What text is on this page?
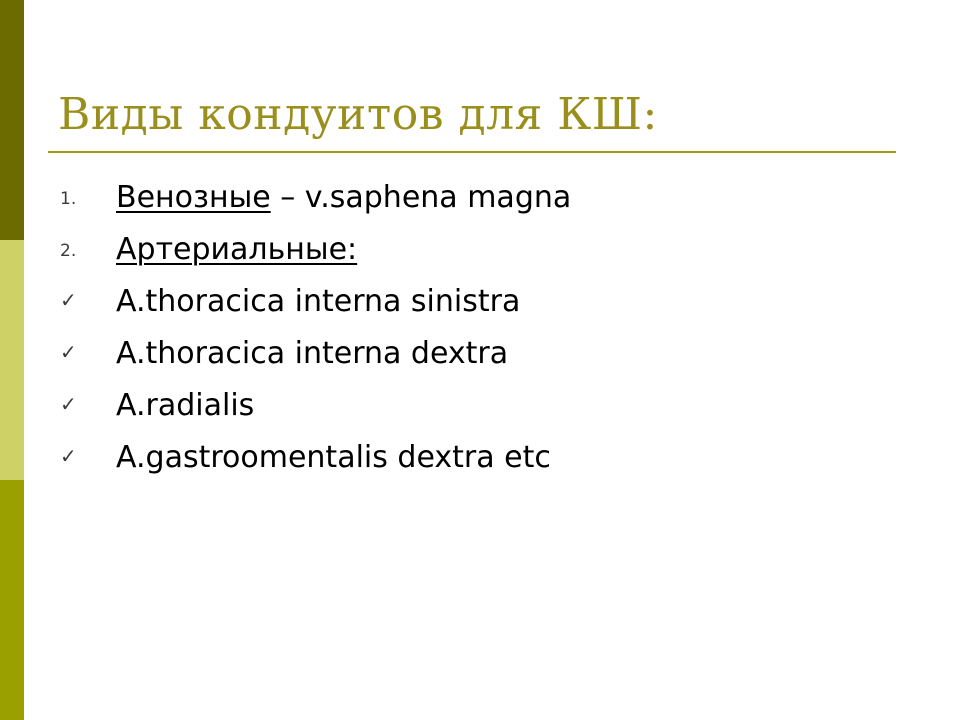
Виды кондуитов для КШ:
1.	Венозные – v.saphena magna
2.	Артериальные:
✓	A.thoracica interna sinistra
✓	A.thoracica interna dextra
✓	A.radialis
✓	A.gastroomentalis dextra etc
